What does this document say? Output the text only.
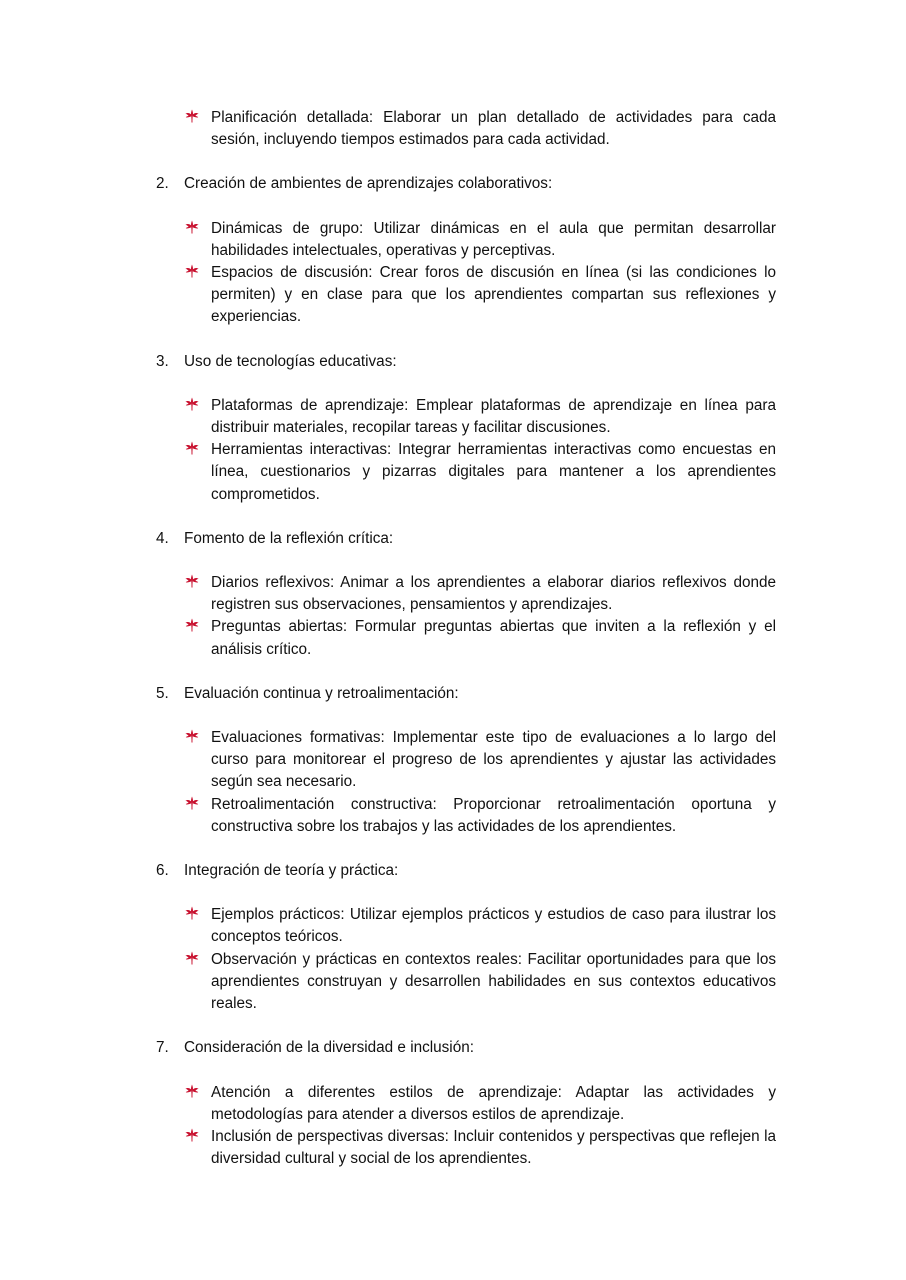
Planificación detallada: Elaborar un plan detallado de actividades para cada sesión, incluyendo tiempos estimados para cada actividad.
2. Creación de ambientes de aprendizajes colaborativos:
Dinámicas de grupo: Utilizar dinámicas en el aula que permitan desarrollar habilidades intelectuales, operativas y perceptivas.
Espacios de discusión: Crear foros de discusión en línea (si las condiciones lo permiten) y en clase para que los aprendientes compartan sus reflexiones y experiencias.
3. Uso de tecnologías educativas:
Plataformas de aprendizaje: Emplear plataformas de aprendizaje en línea para distribuir materiales, recopilar tareas y facilitar discusiones.
Herramientas interactivas: Integrar herramientas interactivas como encuestas en línea, cuestionarios y pizarras digitales para mantener a los aprendientes comprometidos.
4. Fomento de la reflexión crítica:
Diarios reflexivos: Animar a los aprendientes a elaborar diarios reflexivos donde registren sus observaciones, pensamientos y aprendizajes.
Preguntas abiertas: Formular preguntas abiertas que inviten a la reflexión y el análisis crítico.
5. Evaluación continua y retroalimentación:
Evaluaciones formativas: Implementar este tipo de evaluaciones a lo largo del curso para monitorear el progreso de los aprendientes y ajustar las actividades según sea necesario.
Retroalimentación constructiva: Proporcionar retroalimentación oportuna y constructiva sobre los trabajos y las actividades de los aprendientes.
6. Integración de teoría y práctica:
Ejemplos prácticos: Utilizar ejemplos prácticos y estudios de caso para ilustrar los conceptos teóricos.
Observación y prácticas en contextos reales: Facilitar oportunidades para que los aprendientes construyan y desarrollen habilidades en sus contextos educativos reales.
7. Consideración de la diversidad e inclusión:
Atención a diferentes estilos de aprendizaje: Adaptar las actividades y metodologías para atender a diversos estilos de aprendizaje.
Inclusión de perspectivas diversas: Incluir contenidos y perspectivas que reflejen la diversidad cultural y social de los aprendientes.
